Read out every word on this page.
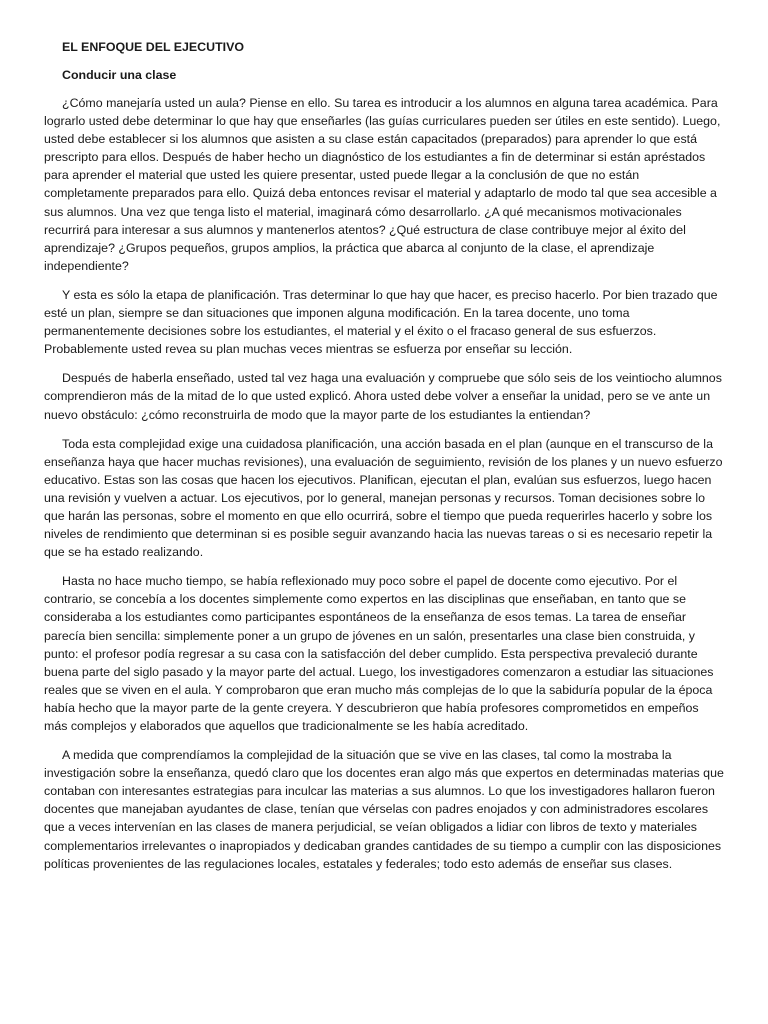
EL ENFOQUE DEL EJECUTIVO
Conducir una clase

¿Cómo manejaría usted un aula? Piense en ello. Su tarea es introducir a los alumnos en alguna tarea académica. Para lograrlo usted debe determinar lo que hay que enseñarles (las guías curriculares pueden ser útiles en este sentido). Luego, usted debe establecer si los alumnos que asisten a su clase están capacitados (preparados) para aprender lo que está prescripto para ellos. Después de haber hecho un diagnóstico de los estudiantes a fin de determinar si están apréstados para aprender el material que usted les quiere presentar, usted puede llegar a la conclusión de que no están completamente preparados para ello. Quizá deba entonces revisar el material y adaptarlo de modo tal que sea accesible a sus alumnos. Una vez que tenga listo el material, imaginará cómo desarrollarlo. ¿A qué mecanismos motivacionales recurrirá para interesar a sus alumnos y mantenerlos atentos? ¿Qué estructura de clase contribuye mejor al éxito del aprendizaje? ¿Grupos pequeños, grupos amplios, la práctica que abarca al conjunto de la clase, el aprendizaje independiente?

Y esta es sólo la etapa de planificación. Tras determinar lo que hay que hacer, es preciso hacerlo. Por bien trazado que esté un plan, siempre se dan situaciones que imponen alguna modificación. En la tarea docente, uno toma permanentemente decisiones sobre los estudiantes, el material y el éxito o el fracaso general de sus esfuerzos. Probablemente usted revea su plan muchas veces mientras se esfuerza por enseñar su lección.

Después de haberla enseñado, usted tal vez haga una evaluación y compruebe que sólo seis de los veintiocho alumnos comprendieron más de la mitad de lo que usted explicó. Ahora usted debe volver a enseñar la unidad, pero se ve ante un nuevo obstáculo: ¿cómo reconstruirla de modo que la mayor parte de los estudiantes la entiendan?

Toda esta complejidad exige una cuidadosa planificación, una acción basada en el plan (aunque en el transcurso de la enseñanza haya que hacer muchas revisiones), una evaluación de seguimiento, revisión de los planes y un nuevo esfuerzo educativo. Estas son las cosas que hacen los ejecutivos. Planifican, ejecutan el plan, evalúan sus esfuerzos, luego hacen una revisión y vuelven a actuar. Los ejecutivos, por lo general, manejan personas y recursos. Toman decisiones sobre lo que harán las personas, sobre el momento en que ello ocurrirá, sobre el tiempo que pueda requerirles hacerlo y sobre los niveles de rendimiento que determinan si es posible seguir avanzando hacia las nuevas tareas o si es necesario repetir la que se ha estado realizando.

Hasta no hace mucho tiempo, se había reflexionado muy poco sobre el papel de docente como ejecutivo. Por el contrario, se concebía a los docentes simplemente como expertos en las disciplinas que enseñaban, en tanto que se consideraba a los estudiantes como participantes espontáneos de la enseñanza de esos temas. La tarea de enseñar parecía bien sencilla: simplemente poner a un grupo de jóvenes en un salón, presentarles una clase bien construida, y punto: el profesor podía regresar a su casa con la satisfacción del deber cumplido. Esta perspectiva prevaleció durante buena parte del siglo pasado y la mayor parte del actual. Luego, los investigadores comenzaron a estudiar las situaciones reales que se viven en el aula. Y comprobaron que eran mucho más complejas de lo que la sabiduría popular de la época había hecho que la mayor parte de la gente creyera. Y descubrieron que había profesores comprometidos en empeños más complejos y elaborados que aquellos que tradicionalmente se les había acreditado.

A medida que comprendíamos la complejidad de la situación que se vive en las clases, tal como la mostraba la investigación sobre la enseñanza, quedó claro que los docentes eran algo más que expertos en determinadas materias que contaban con interesantes estrategias para inculcar las materias a sus alumnos. Lo que los investigadores hallaron fueron docentes que manejaban ayudantes de clase, tenían que vérselas con padres enojados y con administradores escolares que a veces intervenían en las clases de manera perjudicial, se veían obligados a lidiar con libros de texto y materiales complementarios irrelevantes o inapropiados y dedicaban grandes cantidades de su tiempo a cumplir con las disposiciones políticas provenientes de las regulaciones locales, estatales y federales; todo esto además de enseñar sus clases.
